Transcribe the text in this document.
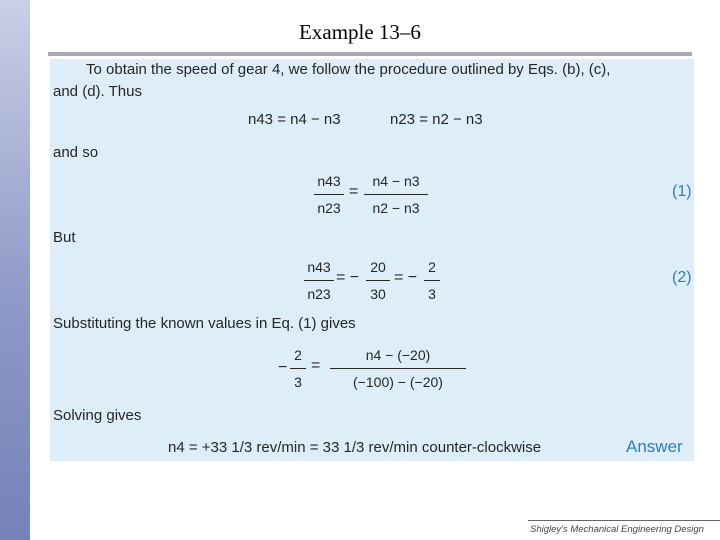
Example 13–6
To obtain the speed of gear 4, we follow the procedure outlined by Eqs. (b), (c),
and (d). Thus
n43 = n4 − n3	n23 = n2 − n3
and so
n43
n23
=
n4 − n3
n2 − n3
(1)
But
n43
n23
= −
20
30
= −
2
3
(2)
Substituting the known values in Eq. (1) gives
−
2
3
=
n4 − (−20)
(−100) − (−20)
Solving gives
n4 = +33 1/3 rev/min = 33 1/3 rev/min counter-clockwise	Answer
Shigley's Mechanical Engineering Design
